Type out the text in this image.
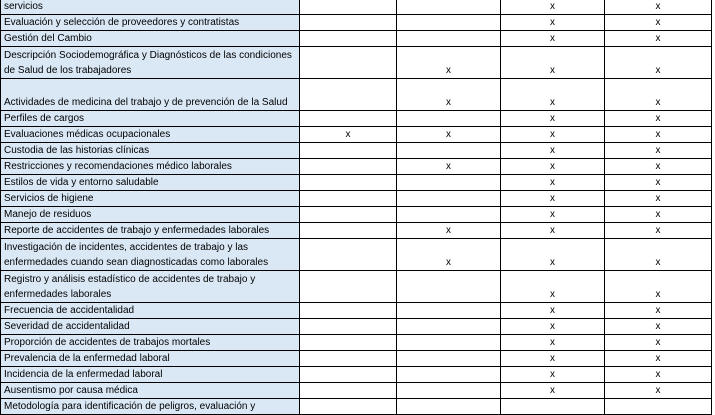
servicios			x	x
Evaluación y selección de proveedores y contratistas			x	x
Gestión del Cambio			x	x
Descripción Sociodemográfica y Diagnósticos de las condiciones de Salud de los trabajadores		x	x	x
Actividades de medicina del trabajo y de prevención de la Salud		x	x	x
Perfiles de cargos			x	x
Evaluaciones médicas ocupacionales	x	x	x	x
Custodia de las historias clínicas			x	x
Restricciones y recomendaciones médico laborales		x	x	x
Estilos de vida y entorno saludable			x	x
Servicios de higiene			x	x
Manejo de residuos			x	x
Reporte de accidentes de trabajo y enfermedades laborales		x	x	x
Investigación de incidentes, accidentes de trabajo y las enfermedades cuando sean diagnosticadas como laborales		x	x	x
Registro y análisis estadístico de accidentes de trabajo y enfermedades laborales			x	x
Frecuencia de accidentalidad			x	x
Severidad de accidentalidad			x	x
Proporción de accidentes de trabajos mortales			x	x
Prevalencia de la enfermedad laboral			x	x
Incidencia de la enfermedad laboral			x	x
Ausentismo por causa médica			x	x
Metodología para identificación de peligros, evaluación y				
